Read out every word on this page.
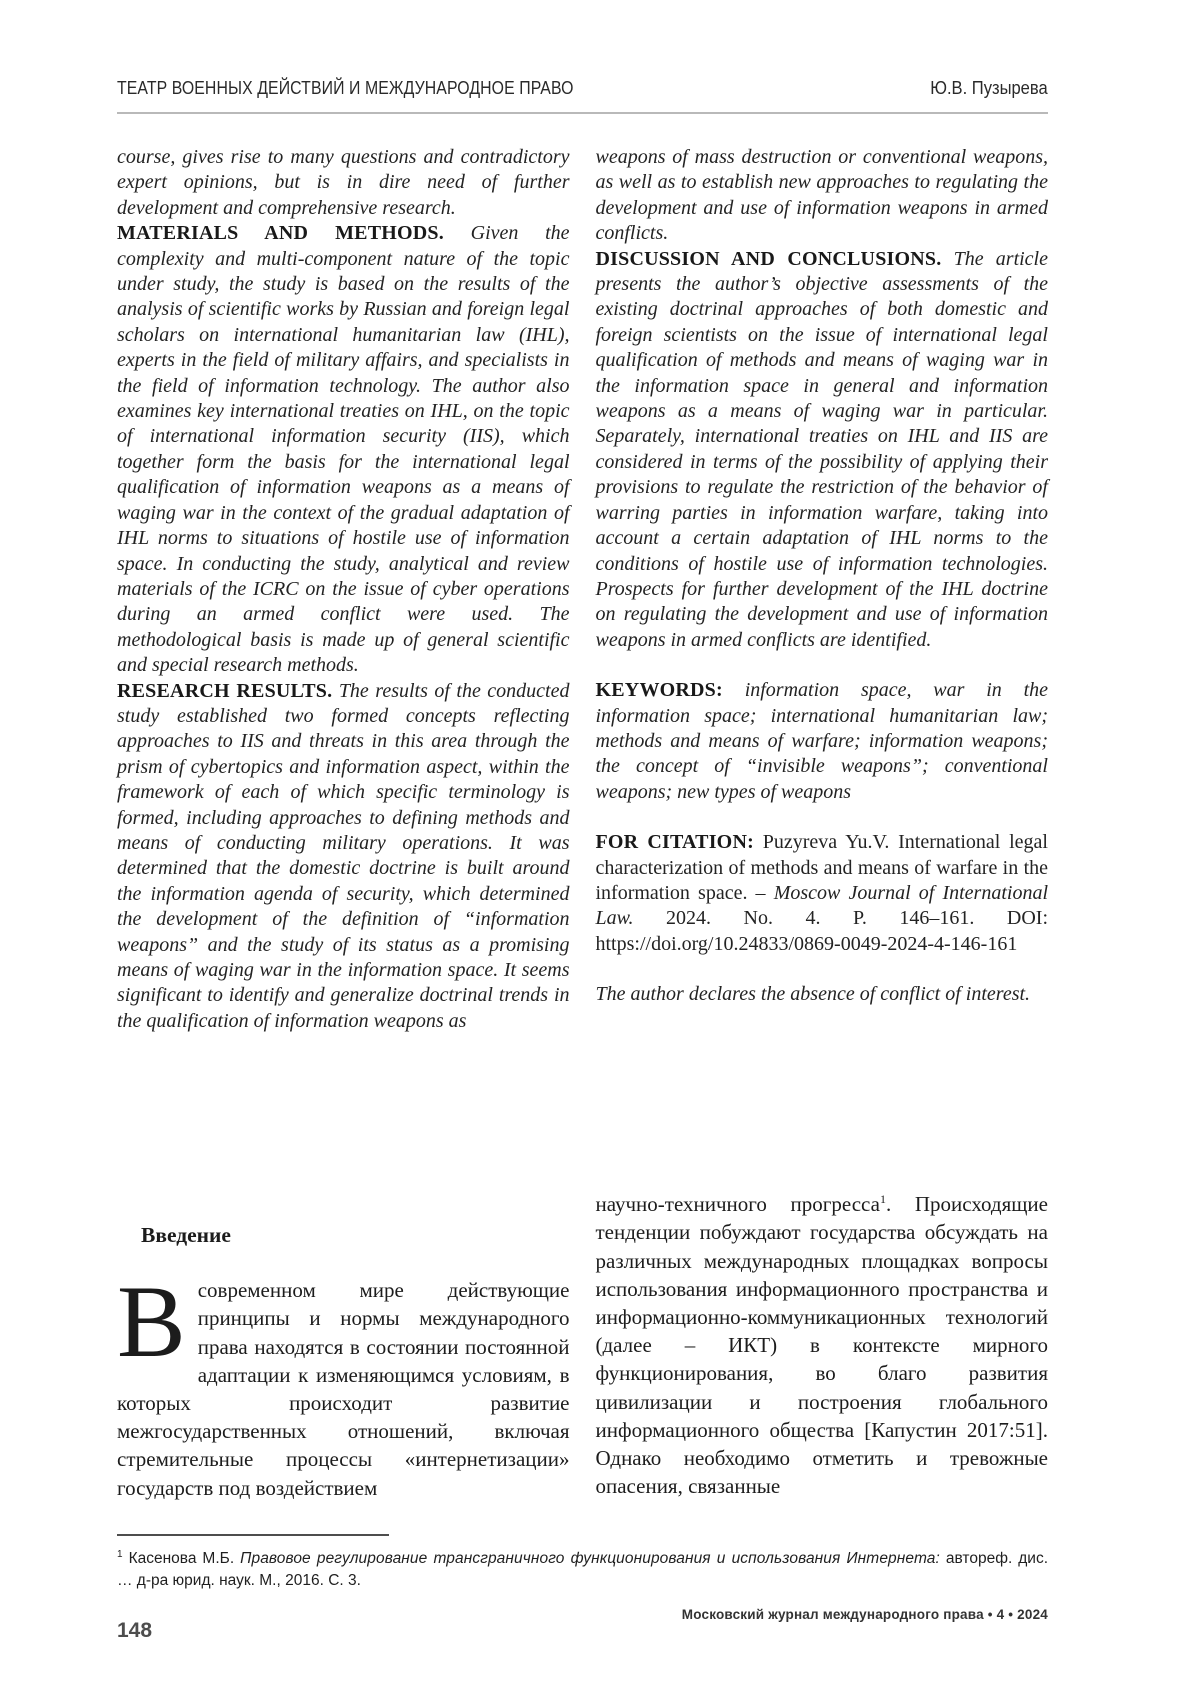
ТЕАТР ВОЕННЫХ ДЕЙСТВИЙ И МЕЖДУНАРОДНОЕ ПРАВО	Ю.В. Пузырева

course, gives rise to many questions and contradictory expert opinions, but is in dire need of further development and comprehensive research.

MATERIALS AND METHODS. Given the complexity and multi-component nature of the topic under study, the study is based on the results of the analysis of scientific works by Russian and foreign legal scholars on international humanitarian law (IHL), experts in the field of military affairs, and specialists in the field of information technology. The author also examines key international treaties on IHL, on the topic of international information security (IIS), which together form the basis for the international legal qualification of information weapons as a means of waging war in the context of the gradual adaptation of IHL norms to situations of hostile use of information space. In conducting the study, analytical and review materials of the ICRC on the issue of cyber operations during an armed conflict were used. The methodological basis is made up of general scientific and special research methods.

RESEARCH RESULTS. The results of the conducted study established two formed concepts reflecting approaches to IIS and threats in this area through the prism of cybertopics and information aspect, within the framework of each of which specific terminology is formed, including approaches to defining methods and means of conducting military operations. It was determined that the domestic doctrine is built around the information agenda of security, which determined the development of the definition of “information weapons” and the study of its status as a promising means of waging war in the information space. It seems significant to identify and generalize doctrinal trends in the qualification of information weapons as

weapons of mass destruction or conventional weapons, as well as to establish new approaches to regulating the development and use of information weapons in armed conflicts.

DISCUSSION AND CONCLUSIONS. The article presents the author’s objective assessments of the existing doctrinal approaches of both domestic and foreign scientists on the issue of international legal qualification of methods and means of waging war in the information space in general and information weapons as a means of waging war in particular. Separately, international treaties on IHL and IIS are considered in terms of the possibility of applying their provisions to regulate the restriction of the behavior of warring parties in information warfare, taking into account a certain adaptation of IHL norms to the conditions of hostile use of information technologies. Prospects for further development of the IHL doctrine on regulating the development and use of information weapons in armed conflicts are identified.

KEYWORDS: information space, war in the information space; international humanitarian law; methods and means of warfare; information weapons; the concept of “invisible weapons”; conventional weapons; new types of weapons

FOR CITATION: Puzyreva Yu.V. International legal characterization of methods and means of warfare in the information space. – Moscow Journal of International Law. 2024. No. 4. P. 146–161. DOI: https://doi.org/10.24833/0869-0049-2024-4-146-161

The author declares the absence of conflict of interest.

Введение

Всовременном мире действующие принципы и нормы международного права находятся в состоянии постоянной адаптации к изменяющимся условиям, в которых происходит развитие межгосударственных отношений, включая стремительные процессы «интернетизации» государств под воздействием

научно-техничного прогресса$^1$. Происходящие тенденции побуждают государства обсуждать на различных международных площадках вопросы использования информационного пространства и информационно-коммуникационных технологий (далее – ИКТ) в контексте мирного функционирования, во благо развития цивилизации и построения глобального информационного общества [Капустин 2017:51]. Однако необходимо отметить и тревожные опасения, связанные

$^1$ Касенова М.Б. Правовое регулирование трансграничного функционирования и использования Интернета: автореф. дис. … д-ра юрид. наук. М., 2016. С. 3.
Московский журнал международного права • 4 • 2024
148
